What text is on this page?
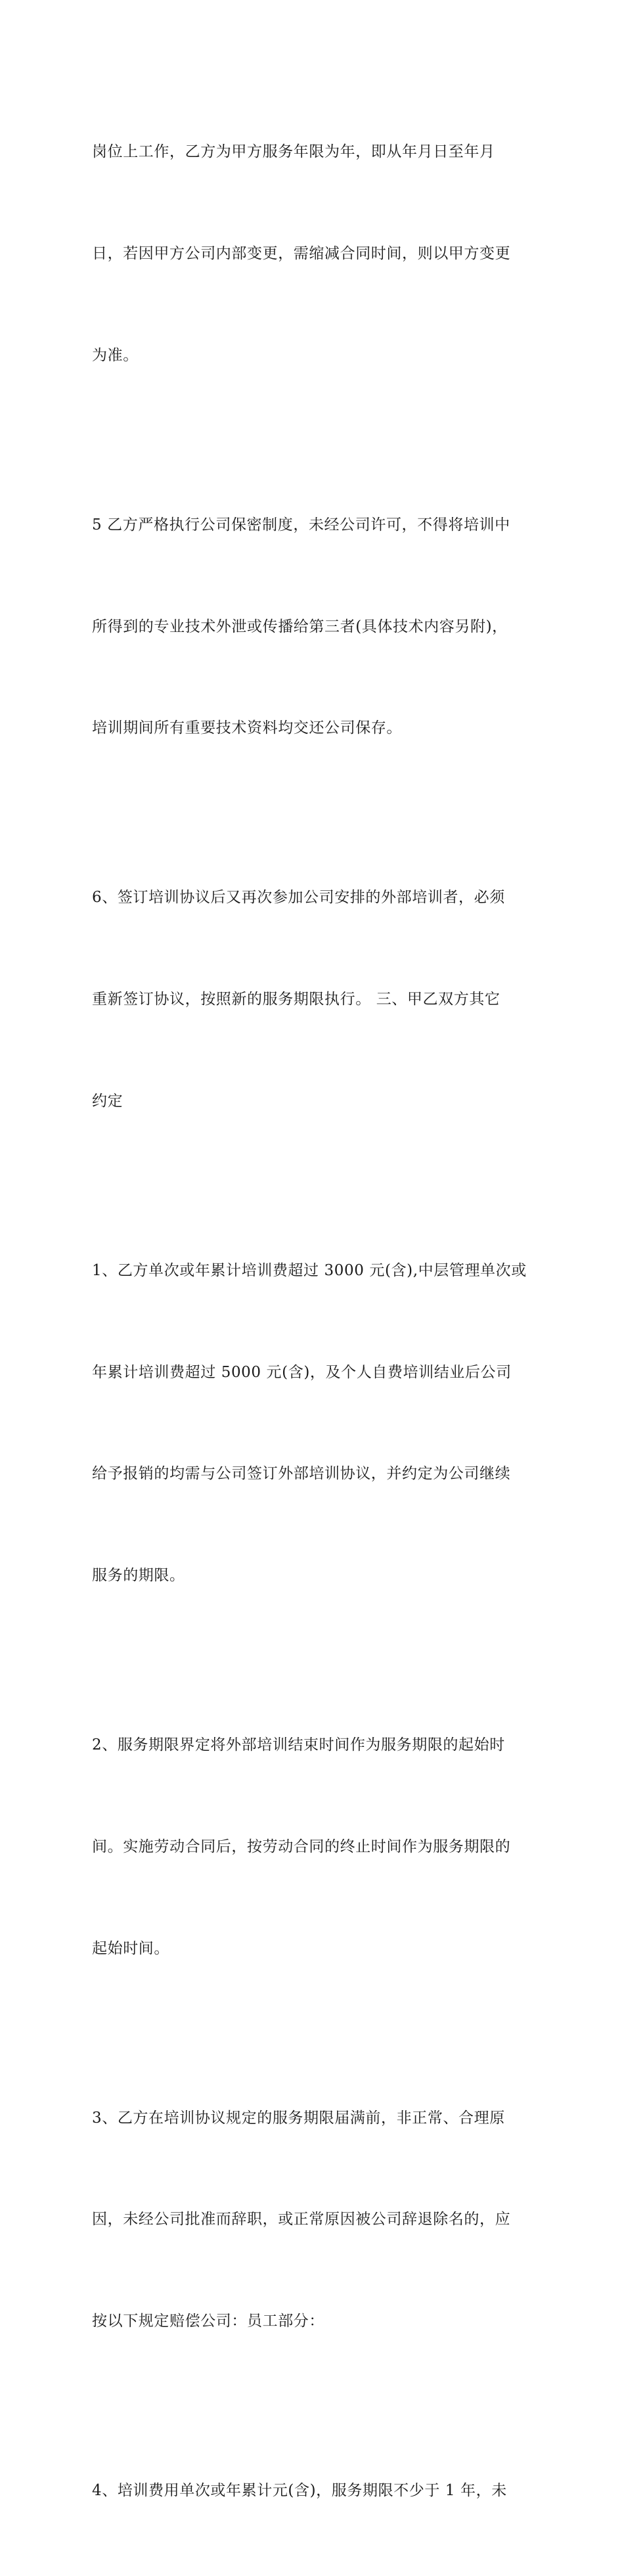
岗位上工作，乙方为甲方服务年限为年，即从年月日至年月

日，若因甲方公司内部变更，需缩减合同时间，则以甲方变更

为准。

5 乙方严格执行公司保密制度，未经公司许可，不得将培训中

所得到的专业技术外泄或传播给第三者(具体技术内容另附)，

培训期间所有重要技术资料均交还公司保存。

6、签订培训协议后又再次参加公司安排的外部培训者，必须

重新签订协议，按照新的服务期限执行。 三、甲乙双方其它

约定

1、乙方单次或年累计培训费超过 3000 元(含),中层管理单次或

年累计培训费超过 5000 元(含)，及个人自费培训结业后公司

给予报销的均需与公司签订外部培训协议，并约定为公司继续

服务的期限。

2、服务期限界定将外部培训结束时间作为服务期限的起始时

间。实施劳动合同后，按劳动合同的终止时间作为服务期限的

起始时间。

3、乙方在培训协议规定的服务期限届满前，非正常、合理原

因，未经公司批准而辞职，或正常原因被公司辞退除名的，应

按以下规定赔偿公司：员工部分：

4、培训费用单次或年累计元(含)，服务期限不少于 1 年，未
